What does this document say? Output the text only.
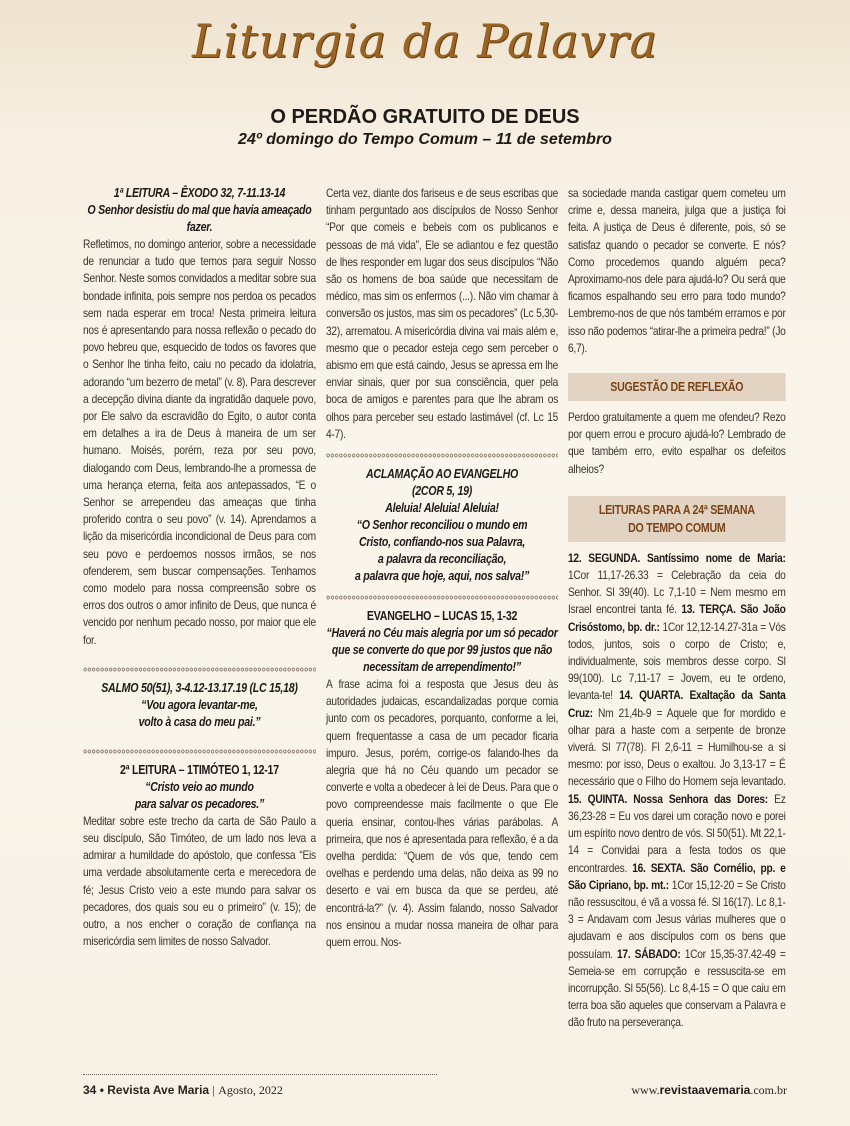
Liturgia da Palavra
O PERDÃO GRATUITO DE DEUS
24º domingo do Tempo Comum – 11 de setembro
1ª LEITURA – ÊXODO 32, 7-11.13-14
O Senhor desistiu do mal que havia ameaçado fazer.

Refletimos, no domingo anterior, sobre a necessidade de renunciar a tudo que temos para seguir Nosso Senhor. Neste somos convidados a meditar sobre sua bondade infinita, pois sempre nos perdoa os pecados sem nada esperar em troca! Nesta primeira leitura nos é apresentando para nossa reflexão o pecado do povo hebreu que, esquecido de todos os favores que o Senhor lhe tinha feito, caiu no pecado da idolatria, adorando “um bezerro de metal” (v. 8). Para descrever a decepção divina diante da ingratidão daquele povo, por Ele salvo da escravidão do Egito, o autor conta em detalhes a ira de Deus à maneira de um ser humano. Moisés, porém, reza por seu povo, dialogando com Deus, lembrando-lhe a promessa de uma herança eterna, feita aos antepassados, “E o Senhor se arrependeu das ameaças que tinha proferido contra o seu povo” (v. 14). Aprendamos a lição da misericórdia incondicional de Deus para com seu povo e perdoemos nossos irmãos, se nos ofenderem, sem buscar compensações. Tenhamos como modelo para nossa compreensão sobre os erros dos outros o amor infinito de Deus, que nunca é vencido por nenhum pecado nosso, por maior que ele for.

SALMO 50(51), 3-4.12-13.17.19 (LC 15,18)
“Vou agora levantar-me,
volto à casa do meu pai.”
2ª LEITURA – 1TIMÓTEO 1, 12-17
“Cristo veio ao mundo
para salvar os pecadores.”

Meditar sobre este trecho da carta de São Paulo a seu discípulo, São Timóteo, de um lado nos leva a admirar a humildade do apóstolo, que confessa “Eis uma verdade absolutamente certa e merecedora de fé; Jesus Cristo veio a este mundo para salvar os pecadores, dos quais sou eu o primeiro” (v. 15); de outro, a nos encher o coração de confiança na misericórdia sem limites de nosso Salvador.

Certa vez, diante dos fariseus e de seus escribas que tinham perguntado aos discípulos de Nosso Senhor “Por que comeis e bebeis com os publicanos e pessoas de má vida”, Ele se adiantou e fez questão de lhes responder em lugar dos seus discípulos “Não são os homens de boa saúde que necessitam de médico, mas sim os enfermos (...). Não vim chamar à conversão os justos, mas sim os pecadores” (Lc 5,30-32), arrematou. A misericórdia divina vai mais além e, mesmo que o pecador esteja cego sem perceber o abismo em que está caindo, Jesus se apressa em lhe enviar sinais, quer por sua consciência, quer pela boca de amigos e parentes para que lhe abram os olhos para perceber seu estado lastimável (cf. Lc 15 4-7).

ACLAMAÇÃO AO EVANGELHO
(2COR 5, 19)
Aleluia! Aleluia! Aleluia!
“O Senhor reconciliou o mundo em
Cristo, confiando-nos sua Palavra,
a palavra da reconciliação,
a palavra que hoje, aqui, nos salva!”
EVANGELHO – LUCAS 15, 1-32
“Haverá no Céu mais alegria por um só pecador que se converte do que por 99 justos que não necessitam de arrependimento!”

A frase acima foi a resposta que Jesus deu às autoridades judaicas, escandalizadas porque comia junto com os pecadores, porquanto, conforme a lei, quem frequentasse a casa de um pecador ficaria impuro. Jesus, porém, corrige-os falando-lhes da alegria que há no Céu quando um pecador se converte e volta a obedecer à lei de Deus. Para que o povo compreendesse mais facilmente o que Ele queria ensinar, contou-lhes várias parábolas. A primeira, que nos é apresentada para reflexão, é a da ovelha perdida: “Quem de vós que, tendo cem ovelhas e perdendo uma delas, não deixa as 99 no deserto e vai em busca da que se perdeu, até encontrá-la?” (v. 4). Assim falando, nosso Salvador nos ensinou a mudar nossa maneira de olhar para quem errou. Nos-

sa sociedade manda castigar quem cometeu um crime e, dessa maneira, julga que a justiça foi feita. A justiça de Deus é diferente, pois, só se satisfaz quando o pecador se converte. E nós? Como procedemos quando alguém peca? Aproximamo-nos dele para ajudá-lo? Ou será que ficamos espalhando seu erro para todo mundo? Lembremo-nos de que nós também erramos e por isso não podemos “atirar-lhe a primeira pedra!” (Jo 6,7).

SUGESTÃO DE REFLEXÃO

Perdoo gratuitamente a quem me ofendeu? Rezo por quem errou e procuro ajudá-lo? Lembrado de que também erro, evito espalhar os defeitos alheios?

LEITURAS PARA A 24ª SEMANA
DO TEMPO COMUM

12. SEGUNDA. Santíssimo nome de Maria: 1Cor 11,17-26.33 = Celebração da ceia do Senhor. Sl 39(40). Lc 7,1-10 = Nem mesmo em Israel encontrei tanta fé. 13. TERÇA. São João Crisóstomo, bp. dr.: 1Cor 12,12-14.27-31a = Vós todos, juntos, sois o corpo de Cristo; e, individualmente, sois membros desse corpo. Sl 99(100). Lc 7,11-17 = Jovem, eu te ordeno, levanta-te! 14. QUARTA. Exaltação da Santa Cruz: Nm 21,4b-9 = Aquele que for mordido e olhar para a haste com a serpente de bronze viverá. Sl 77(78). Fl 2,6-11 = Humilhou-se a si mesmo: por isso, Deus o exaltou. Jo 3,13-17 = É necessário que o Filho do Homem seja levantado. 15. QUINTA. Nossa Senhora das Dores: Ez 36,23-28 = Eu vos darei um coração novo e porei um espírito novo dentro de vós. Sl 50(51). Mt 22,1-14 = Convidai para a festa todos os que encontrardes. 16. SEXTA. São Cornélio, pp. e São Cipriano, bp. mt.: 1Cor 15,12-20 = Se Cristo não ressuscitou, é vã a vossa fé. Sl 16(17). Lc 8,1-3 = Andavam com Jesus várias mulheres que o ajudavam e aos discípulos com os bens que possuíam. 17. SÁBADO: 1Cor 15,35-37.42-49 = Semeia-se em corrupção e ressuscita-se em incorrupção. Sl 55(56). Lc 8,4-15 = O que caiu em terra boa são aqueles que conservam a Palavra e dão fruto na perseverança.

34 • Revista Ave Maria | Agosto, 2022	www.revistaavemaria.com.br
